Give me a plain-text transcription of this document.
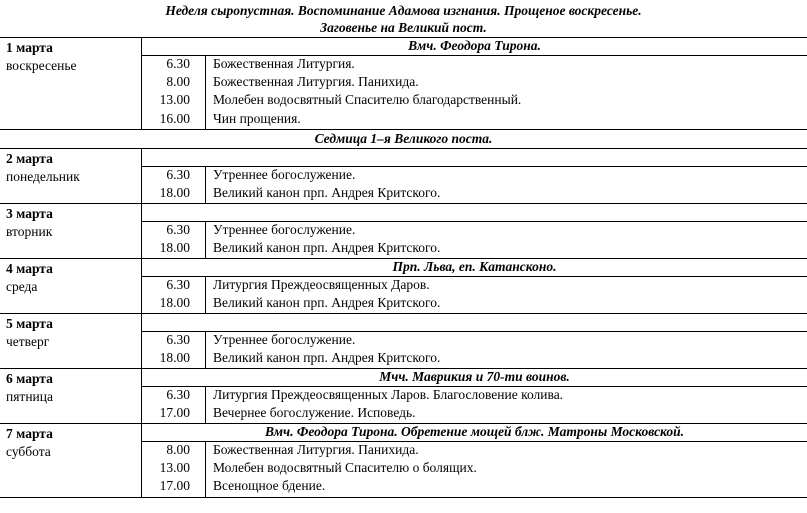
Неделя сыропустная. Воспоминание Адамова изгнания. Прощеное воскресенье.
Заговенье на Великий пост.
Вмч. Феодора Тирона.
6.30 Божественная Литургия.
8.00 Божественная Литургия. Панихида.
13.00 Молебен водосвятный Спасителю благодарственный.
16.00 Чин прощения.
1 марта
воскресенье
Седмица 1–я Великого поста.
6.30 Утреннее богослужение.
18.00 Великий канон прп. Андрея Критского.
2 марта
понедельник
6.30 Утреннее богослужение.
18.00 Великий канон прп. Андрея Критского.
3 марта
вторник
Прп. Льва, еп. Катансконо.
6.30 Литургия Преждеосвященных Даров.
18.00 Великий канон прп. Андрея Критского.
4 марта
среда
6.30 Утреннее богослужение.
18.00 Великий канон прп. Андрея Критского.
5 марта
четверг
Мчч. Маврикия и 70-ти воинов.
6.30 Литургия Преждеосвященных Ларов. Благословение колива.
17.00 Вечернее богослужение. Исповедь.
6 марта
пятница
Вмч. Феодора Тирона. Обретение мощей блж. Матроны Московской.
8.00 Божественная Литургия. Панихида.
13.00 Молебен водосвятный Спасителю о болящих.
17.00 Всенощное бдение.
7 марта
суббота
